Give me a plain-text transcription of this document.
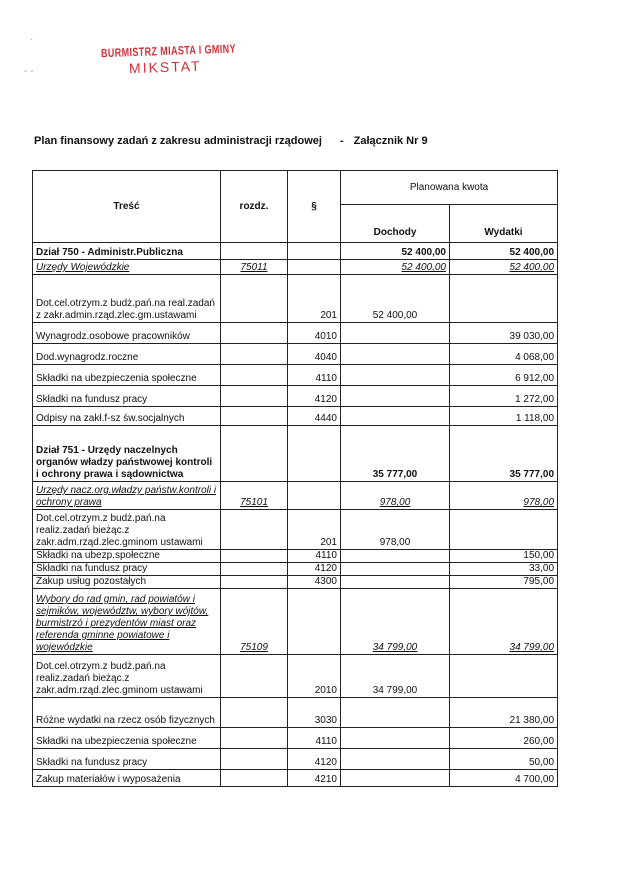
·
- -
BURMISTRZ MIASTA I GMINY
MIKSTAT
Plan finansowy zadań z zakresu administracji rządowej - Załącznik Nr 9
Treść	rozdz.	§	Planowana kwota	
			Dochody	Wydatki
Dział 750 - Administr.Publiczna			52 400,00	52 400,00
Urzędy Wojewódzkie	75011		52 400,00	52 400,00
Dot.cel.otrzym.z budż.pań.na real.zadań z zakr.admin.rząd.zlec.gm.ustawami		201	52 400,00	
Wynagrodz.osobowe pracowników		4010		39 030,00
Dod.wynagrodz.roczne		4040		4 068,00
Składki na ubezpieczenia społeczne		4110		6 912,00
Składki na fundusz pracy		4120		1 272,00
Odpisy na zakł.f-sz św.socjalnych		4440		1 118,00
Dział 751 - Urzędy naczelnych organów władzy państwowej kontroli i ochrony prawa i sądownictwa			35 777,00	35 777,00
Urzędy nacz.org.władzy państw.kontroli i ochrony prawa	75101		978,00	978,00
Dot.cel.otrzym.z budż.pań.na realiz.zadań bieżąc.z zakr.adm.rząd.zlec.gminom ustawami		201	978,00	
Składki na ubezp.społeczne		4110		150,00
Składki na fundusz pracy		4120		33,00
Zakup usług pozostałych		4300		795,00
Wybory do rad gmin, rad powiatów i sejmików, województw, wybory wójtów, burmistrzó i prezydentów miast oraz referenda gminne powiatowe i wojewódzkie	75109		34 799,00	34 799,00
Dot.cel.otrzym.z budż.pań.na realiz.zadań bieżąc.z zakr.adm.rząd.zlec.gminom ustawami		2010	34 799,00	
Różne wydatki na rzecz osób fizycznych		3030		21 380,00
Składki na ubezpieczenia społeczne		4110		260,00
Składki na fundusz pracy		4120		50,00
Zakup materiałów i wyposażenia		4210		4 700,00
